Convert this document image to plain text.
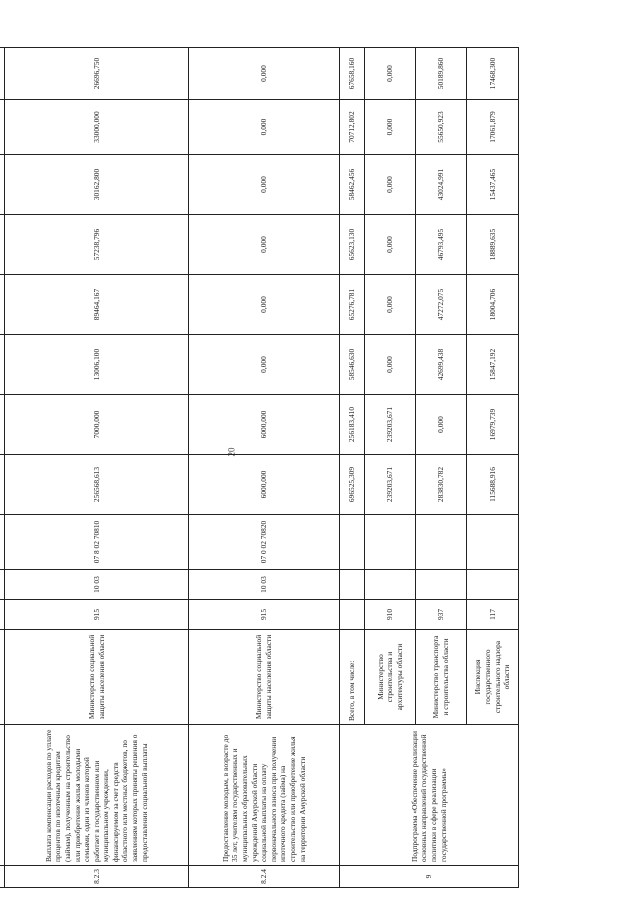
20

8.2.3	Выплата компенсации расходов по уплате процентов по ипотечным кредитам (займам), полученным на строительство или приобретение жилья молодыми семьями, один из членов которой работает в государственном или муниципальном учреждении, финансируемом за счет средств областного или местных бюджетов, по заявлениям которых приняты решения о предоставлении социальной выплаты	Министерство социальной защиты населения области	915	10 03	07 8 02 70810	256568,613	7000,000	13006,100	89464,167	57238,796	30162,800	33000,000	26696,750
8.2.4	Предоставление молодым, в возрасте до 35 лет, учителям государственных и муниципальных образовательных учреждений Амурской области социальной выплаты на оплату первоначального взноса при получении ипотечного кредита (займа) на строительство или приобретение жилья на территории Амурской области	Министерство социальной защиты населения области	915	10 03	07 0 02 70820	6000,000	6000,000	0,000	0,000	0,000	0,000	0,000	0,000
9	Подпрограмма «Обеспечение реализации основных направлений государственной политики в сфере реализации государственной программы»	Всего, в том числе:				696525,309	256183,410	58546,630	65276,781	65623,130	58462,456	70712,802	67658,160
		Министерство строительства и архитектуры области	910			239203,671	239203,671	0,000	0,000	0,000	0,000	0,000	0,000
		Министерство транспорта и строительства области	937			283830,782	0,000	42699,438	47272,075	46793,495	43024,991	55650,923	50189,860
		Инспекция государственного строительного надзора области	117			115688,916	16979,739	15847,192	18004,706	18889,635	15437,465	17061,879	17468,300
